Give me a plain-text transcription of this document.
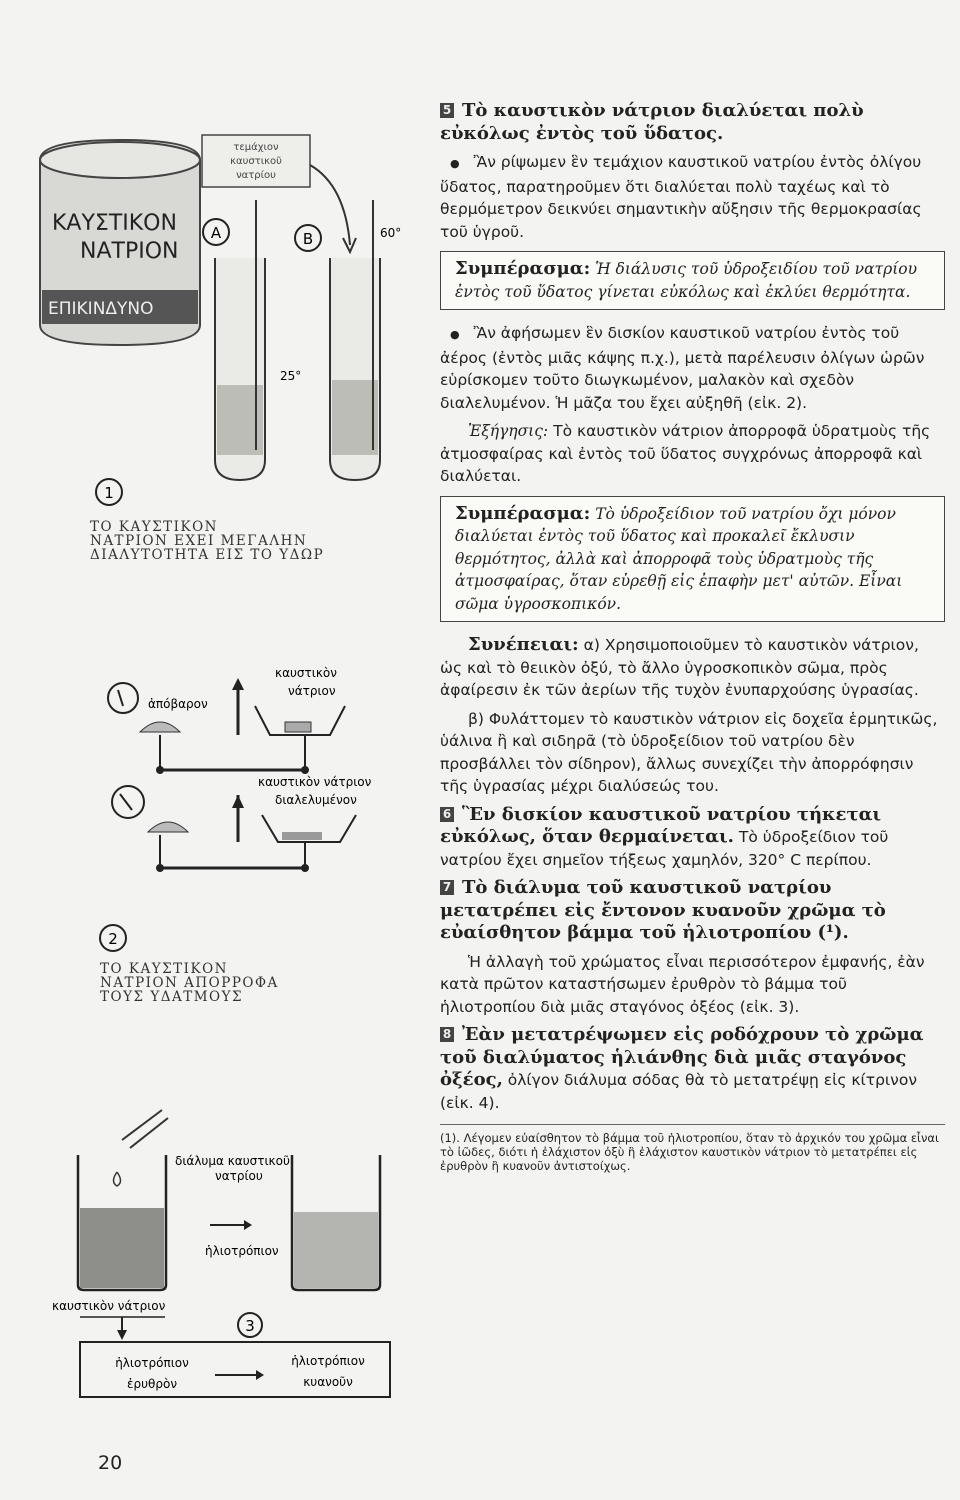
ΚΑΥΣΤΙΚΟΝ
ΝΑΤΡΙΟΝ
ΕΠΙΚΙΝΔΥΝΟ
τεμάχιον
καυστικοῦ
νατρίου
A	B
25°
60°
1
ἀπόβαρον
καυστικὸν
νάτριον
καυστικὸν νάτριον
διαλελυμένον
2
διάλυμα καυστικοῦ
νατρίου
ἡλιοτρόπιον
καυστικὸν νάτριον
3
ἡλιοτρόπιον
ἐρυθρὸν
ἡλιοτρόπιον
κυανοῦν
ΤΟ ΚΑΥΣΤΙΚΟΝ
ΝΑΤΡΙΟΝ ΕΧΕΙ ΜΕΓΑΛΗΝ
ΔΙΑΛΥΤΟΤΗΤΑ ΕΙΣ ΤΟ ΥΔΩΡ
ΤΟ ΚΑΥΣΤΙΚΟΝ
ΝΑΤΡΙΟΝ ΑΠΟΡΡΟΦΑ
ΤΟΥΣ ΥΔΑΤΜΟΥΣ

5 Τὸ καυστικὸν νάτριον διαλύεται πολὺ εὐκόλως ἐντὸς τοῦ ὕδατος.

● Ἂν ρίψωμεν ἓν τεμάχιον καυστικοῦ νατρίου ἐντὸς ὀλίγου ὕδατος, παρατηροῦμεν ὅτι διαλύεται πολὺ ταχέως καὶ τὸ θερμόμετρον δεικνύει σημαντικὴν αὔξησιν τῆς θερμοκρασίας τοῦ ὑγροῦ.

Συμπέρασμα: Ἡ διάλυσις τοῦ ὑδροξειδίου τοῦ νατρίου ἐντὸς τοῦ ὕδατος γίνεται εὐκόλως καὶ ἐκλύει θερμότητα.

● Ἂν ἀφήσωμεν ἓν δισκίον καυστικοῦ νατρίου ἐντὸς τοῦ ἀέρος (ἐντὸς μιᾶς κάψης π.χ.), μετὰ παρέλευσιν ὀλίγων ὡρῶν εὑρίσκομεν τοῦτο διωγκωμένον, μαλακὸν καὶ σχεδὸν διαλελυμένον. Ἡ μᾶζα του ἔχει αὐξηθῆ (εἰκ. 2).

Ἐξήγησις: Τὸ καυστικὸν νάτριον ἀπορροφᾶ ὑδρατμοὺς τῆς ἀτμοσφαίρας καὶ ἐντὸς τοῦ ὕδατος συγχρόνως ἀπορροφᾶ καὶ διαλύεται.

Συμπέρασμα: Τὸ ὑδροξείδιον τοῦ νατρίου ὄχι μόνον διαλύεται ἐντὸς τοῦ ὕδατος καὶ προκαλεῖ ἔκλυσιν θερμότητος, ἀλλὰ καὶ ἀπορροφᾶ τοὺς ὑδρατμοὺς τῆς ἀτμοσφαίρας, ὅταν εὑρεθῇ εἰς ἐπαφὴν μετ' αὐτῶν. Εἶναι σῶμα ὑγροσκοπικόν.

Συνέπειαι: α) Χρησιμοποιοῦμεν τὸ καυστικὸν νάτριον, ὡς καὶ τὸ θειικὸν ὀξύ, τὸ ἄλλο ὑγροσκοπικὸν σῶμα, πρὸς ἀφαίρεσιν ἐκ τῶν ἀερίων τῆς τυχὸν ἐνυπαρχούσης ὑγρασίας.

β) Φυλάττομεν τὸ καυστικὸν νάτριον εἰς δοχεῖα ἑρμητικῶς, ὑάλινα ἢ καὶ σιδηρᾶ (τὸ ὑδροξείδιον τοῦ νατρίου δὲν προσβάλλει τὸν σίδηρον), ἄλλως συνεχίζει τὴν ἀπορρόφησιν τῆς ὑγρασίας μέχρι διαλύσεώς του.

6 Ἓν δισκίον καυστικοῦ νατρίου τήκεται εὐκόλως, ὅταν θερμαίνεται. Τὸ ὑδροξείδιον τοῦ νατρίου ἔχει σημεῖον τήξεως χαμηλόν, 320° C περίπου.

7 Τὸ διάλυμα τοῦ καυστικοῦ νατρίου μετατρέπει εἰς ἔντονον κυανοῦν χρῶμα τὸ εὐαίσθητον βάμμα τοῦ ἡλιοτροπίου (¹).

Ἡ ἀλλαγὴ τοῦ χρώματος εἶναι περισσότερον ἐμφανής, ἐὰν κατὰ πρῶτον καταστήσωμεν ἐρυθρὸν τὸ βάμμα τοῦ ἡλιοτροπίου διὰ μιᾶς σταγόνος ὀξέος (εἰκ. 3).

8 Ἐὰν μετατρέψωμεν εἰς ροδόχρουν τὸ χρῶμα τοῦ διαλύματος ἡλιάνθης διὰ μιᾶς σταγόνος ὀξέος, ὀλίγον διάλυμα σόδας θὰ τὸ μετατρέψῃ εἰς κίτρινον (εἰκ. 4).

(1). Λέγομεν εὐαίσθητον τὸ βάμμα τοῦ ἡλιοτροπίου, ὅταν τὸ ἀρχικόν του χρῶμα εἶναι τὸ ἰῶδες, διότι ἡ ἐλάχιστον ὀξὺ ἢ ἐλάχιστον καυστικὸν νάτριον τὸ μετατρέπει εἰς ἐρυθρὸν ἢ κυανοῦν ἀντιστοίχως.
20
